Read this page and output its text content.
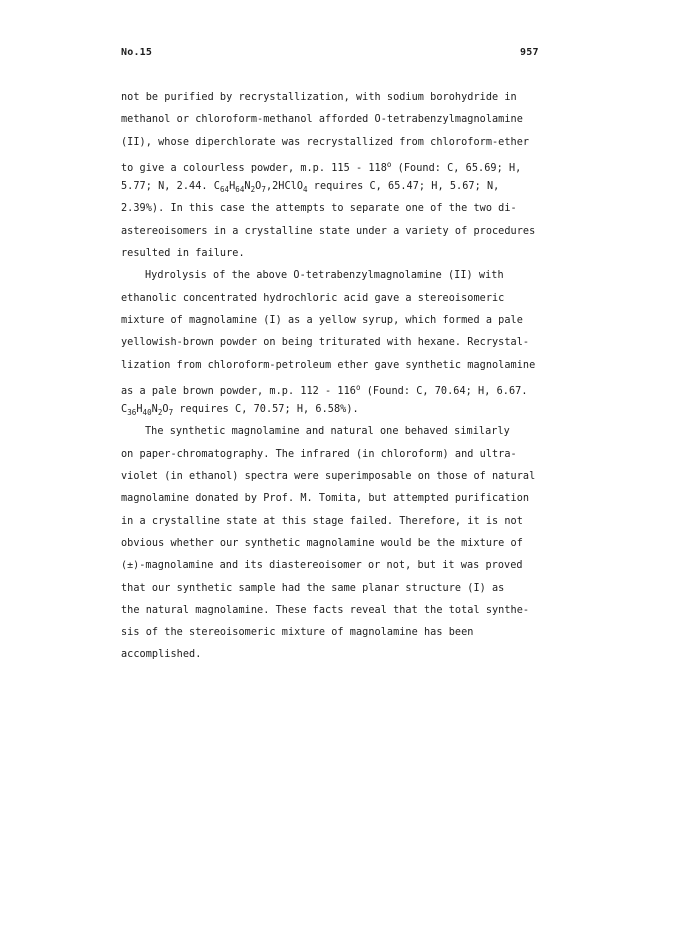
No.15	957
not be purified by recrystallization, with sodium borohydride in
methanol or chloroform-methanol afforded O-tetrabenzylmagnolamine
(II), whose diperchlorate was recrystallized from chloroform-ether
to give a colourless powder, m.p. 115 - 118$^o$ (Found: C, 65.69; H,
5.77; N, 2.44. $C_{64}H_{64}N_2O_7,2HClO_4$ requires C, 65.47; H, 5.67; N,
2.39%). In this case the attempts to separate one of the two di-
astereoisomers in a crystalline state under a variety of procedures
resulted in failure.
Hydrolysis of the above O-tetrabenzylmagnolamine (II) with
ethanolic concentrated hydrochloric acid gave a stereoisomeric
mixture of magnolamine (I) as a yellow syrup, which formed a pale
yellowish-brown powder on being triturated with hexane. Recrystal-
lization from chloroform-petroleum ether gave synthetic magnolamine
as a pale brown powder, m.p. 112 - 116$^o$ (Found: C, 70.64; H, 6.67.
$C_{36}H_{40}N_2O_7$ requires C, 70.57; H, 6.58%).
The synthetic magnolamine and natural one behaved similarly
on paper-chromatography. The infrared (in chloroform) and ultra-
violet (in ethanol) spectra were superimposable on those of natural
magnolamine donated by Prof. M. Tomita, but attempted purification
in a crystalline state at this stage failed. Therefore, it is not
obvious whether our synthetic magnolamine would be the mixture of
(±)-magnolamine and its diastereoisomer or not, but it was proved
that our synthetic sample had the same planar structure (I) as
the natural magnolamine. These facts reveal that the total synthe-
sis of the stereoisomeric mixture of magnolamine has been
accomplished.
